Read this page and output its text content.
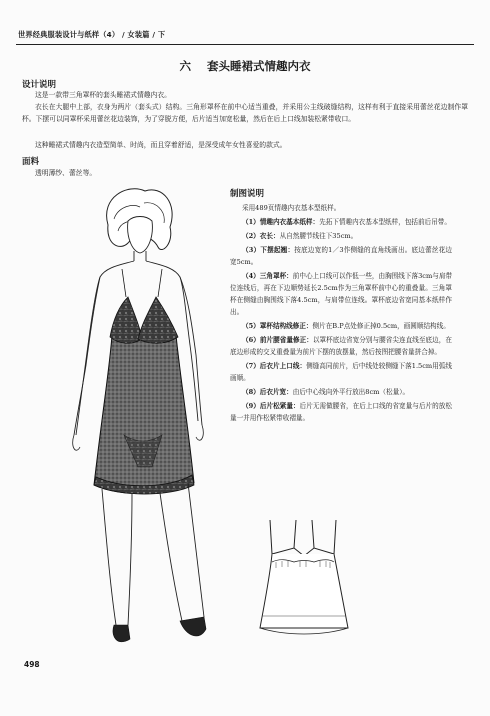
世界经典服装设计与纸样（4） / 女装篇 / 下
六 套头睡裙式情趣内衣
设计说明
这是一款带三角罩杯的套头睡裙式情趣内衣。
衣长在大腿中上部，衣身为两片（套头式）结构。三角形罩杯在前中心适当重叠，并采用公主线破缝结构，这样有利于直接采用蕾丝花边制作罩杯。下摆可以同罩杯采用蕾丝花边装饰，为了穿脱方便，后片适当加宽松量，然后在后上口线加装松紧带收口。
这种睡裙式情趣内衣造型简单、时尚，而且穿着舒适，是深受成年女性喜爱的款式。
面料
透明薄纱、蕾丝等。
制图说明

采用489页情趣内衣基本型纸样。

（1）情趣内衣基本纸样：先拓下情趣内衣基本型纸样，包括前后吊带。

（2）衣长：从自然腰节线往下35cm。

（3）下摆起翘：按底边宽的1／3作侧缝的直角线画出。底边蕾丝花边宽5cm。

（4）三角罩杯：前中心上口线可以作低一些，由胸围线下落3cm与肩带位连线后，再在下边顺势延长2.5cm作为三角罩杯前中心的重叠量。三角罩杯在侧缝由胸围线下落4.5cm，与肩带位连线。罩杯底边省宽同基本纸样作出。

（5）罩杯结构线修正：侧片在B.P点处修正掉0.5cm，画圆顺结构线。

（6）前片腰省量修正：以罩杯底边省宽分别与腰省尖连直线至底边，在底边形成的交叉重叠量为前片下摆的放摆量，然后按图把腰省量拼合掉。

（7）后衣片上口线：侧缝高同前片，后中线处较侧缝下落1.5cm用弧线画顺。

（8）后衣片宽：由后中心线向外平行放出8cm（松量）。

（9）后片松紧量：后片无需做腰省，在后上口线的省宽量与后片的放松量一并用作松紧带收褶量。

498
